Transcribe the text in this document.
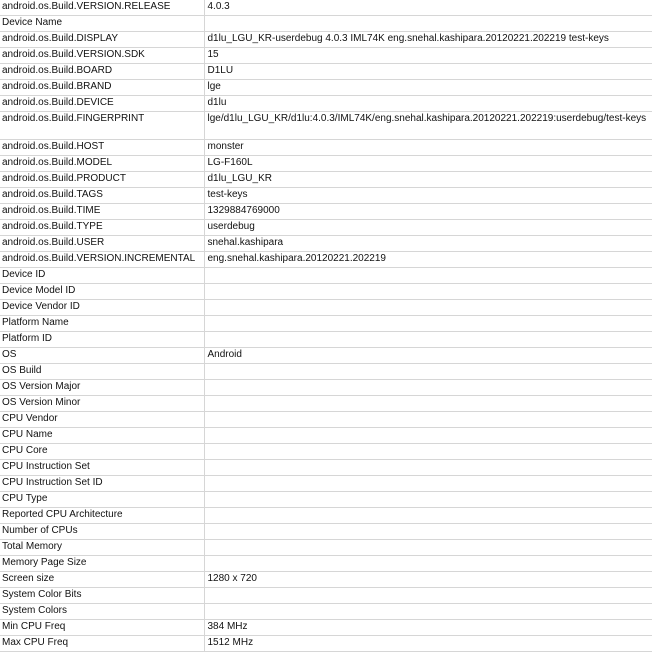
android.os.Build.VERSION.RELEASE	4.0.3
Device Name	
android.os.Build.DISPLAY	d1lu_LGU_KR-userdebug 4.0.3 IML74K eng.snehal.kashipara.20120221.202219 test-keys
android.os.Build.VERSION.SDK	15
android.os.Build.BOARD	D1LU
android.os.Build.BRAND	lge
android.os.Build.DEVICE	d1lu
android.os.Build.FINGERPRINT	lge/d1lu_LGU_KR/d1lu:4.0.3/IML74K/eng.snehal.kashipara.20120221.202219:userdebug/test-keys
android.os.Build.HOST	monster
android.os.Build.MODEL	LG-F160L
android.os.Build.PRODUCT	d1lu_LGU_KR
android.os.Build.TAGS	test-keys
android.os.Build.TIME	1329884769000
android.os.Build.TYPE	userdebug
android.os.Build.USER	snehal.kashipara
android.os.Build.VERSION.INCREMENTAL	eng.snehal.kashipara.20120221.202219
Device ID	
Device Model ID	
Device Vendor ID	
Platform Name	
Platform ID	
OS	Android
OS Build	
OS Version Major	
OS Version Minor	
CPU Vendor	
CPU Name	
CPU Core	
CPU Instruction Set	
CPU Instruction Set ID	
CPU Type	
Reported CPU Architecture	
Number of CPUs	
Total Memory	
Memory Page Size	
Screen size	1280 x 720
System Color Bits	
System Colors	
Min CPU Freq	384 MHz
Max CPU Freq	1512 MHz
